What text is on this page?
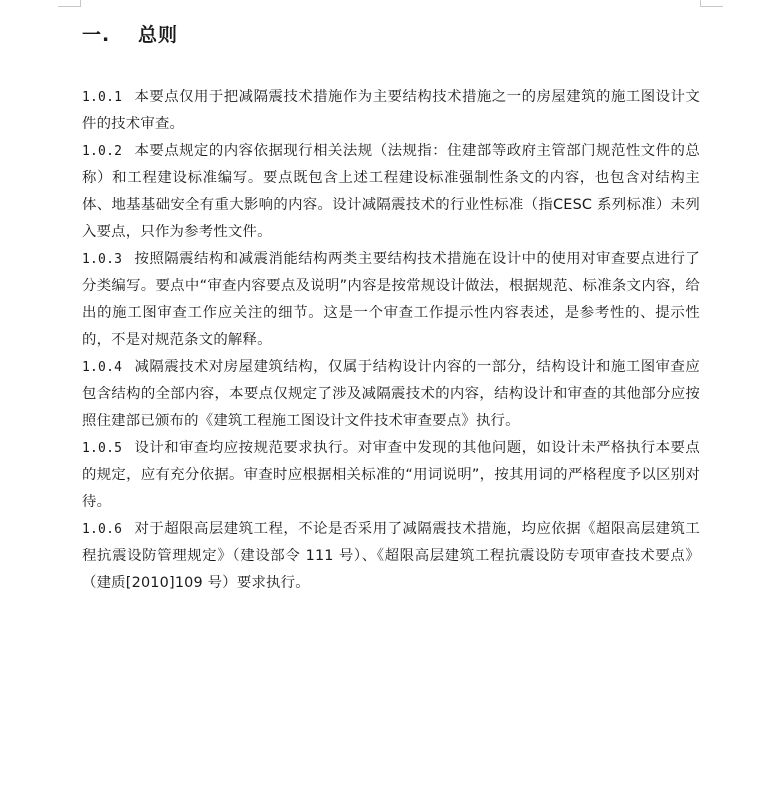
一. 总则

1.0.1 本要点仅用于把减隔震技术措施作为主要结构技术措施之一的房屋建筑的施工图设计文件的技术审查。

1.0.2 本要点规定的内容依据现行相关法规（法规指：住建部等政府主管部门规范性文件的总称）和工程建设标准编写。要点既包含上述工程建设标准强制性条文的内容，也包含对结构主体、地基基础安全有重大影响的内容。设计减隔震技术的行业性标准（指CESC 系列标准）未列入要点，只作为参考性文件。

1.0.3 按照隔震结构和减震消能结构两类主要结构技术措施在设计中的使用对审查要点进行了分类编写。要点中“审查内容要点及说明”内容是按常规设计做法，根据规范、标准条文内容，给出的施工图审查工作应关注的细节。这是一个审查工作提示性内容表述，是参考性的、提示性的，不是对规范条文的解释。

1.0.4 减隔震技术对房屋建筑结构，仅属于结构设计内容的一部分，结构设计和施工图审查应包含结构的全部内容，本要点仅规定了涉及减隔震技术的内容，结构设计和审查的其他部分应按照住建部已颁布的《建筑工程施工图设计文件技术审查要点》执行。

1.0.5 设计和审查均应按规范要求执行。对审查中发现的其他问题，如设计未严格执行本要点的规定，应有充分依据。审查时应根据相关标准的“用词说明”，按其用词的严格程度予以区别对待。

1.0.6 对于超限高层建筑工程，不论是否采用了减隔震技术措施，均应依据《超限高层建筑工程抗震设防管理规定》（建设部令 111 号）、《超限高层建筑工程抗震设防专项审查技术要点》（建质[2010]109 号）要求执行。
